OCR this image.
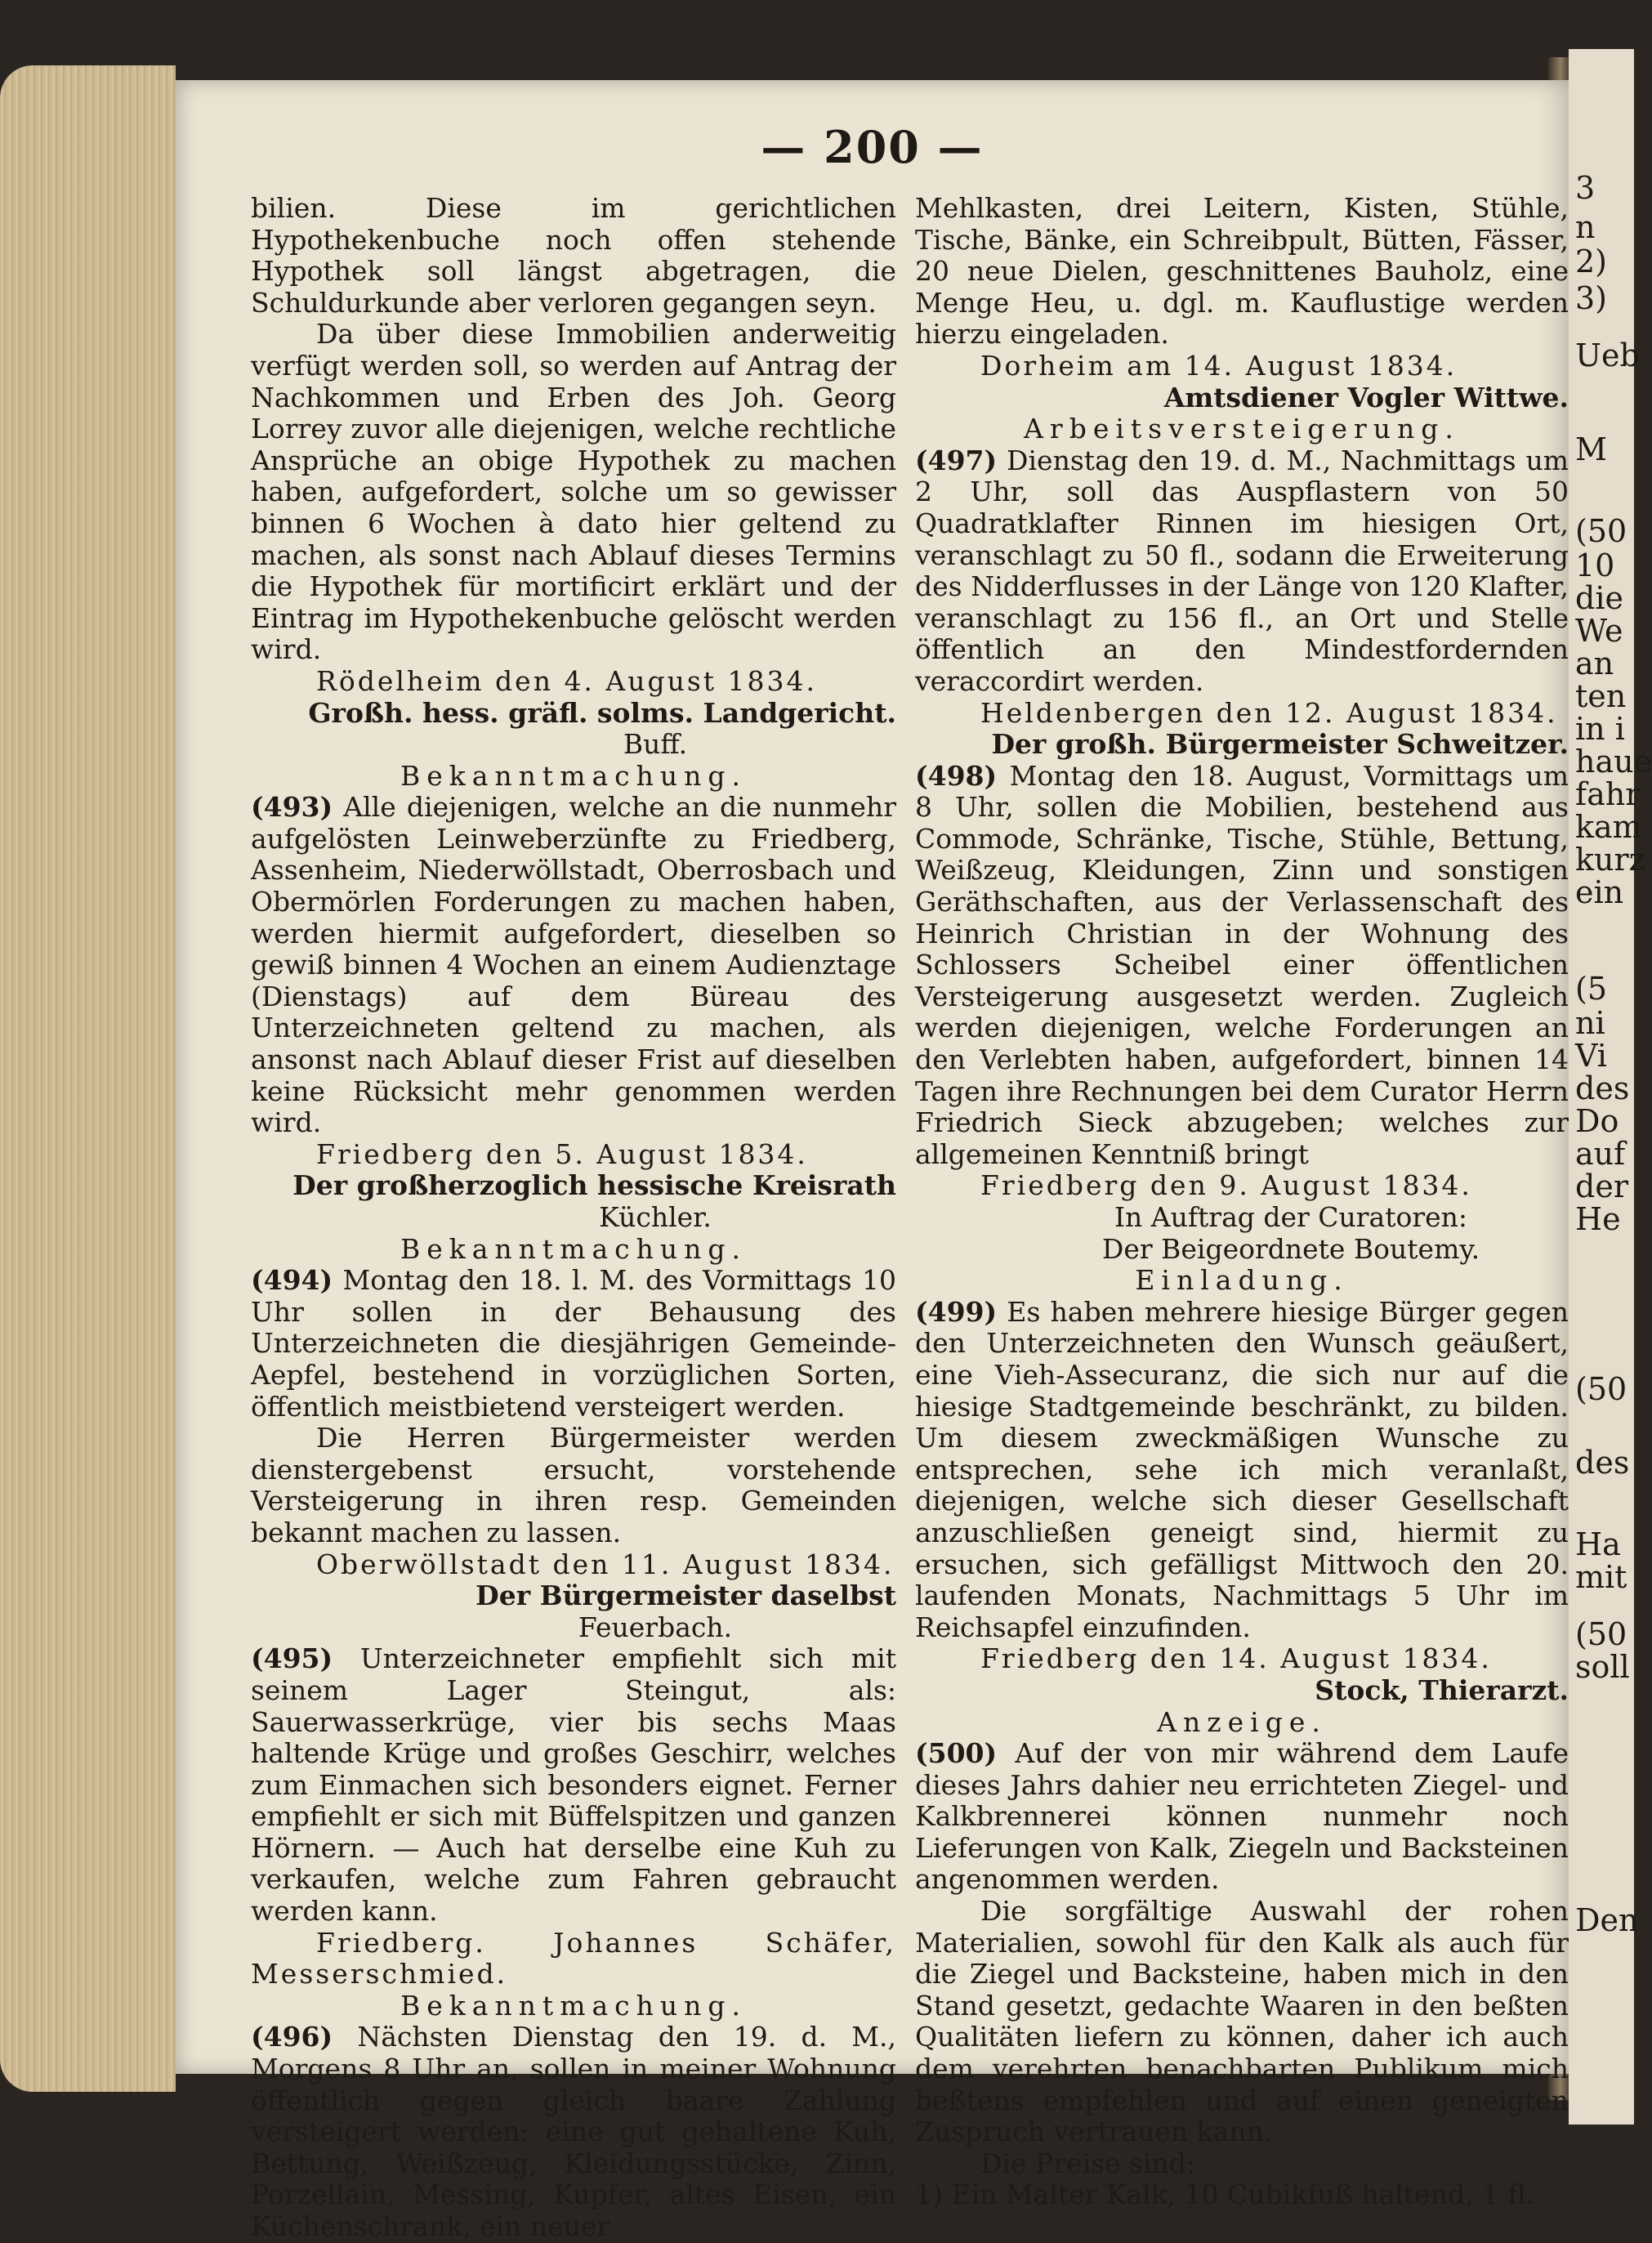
3
n
2)
3)
Ueb
M
(50
10
die
We
an
ten
in i
haue
fahr
kam
kurz
ein
(5
ni
Vi
des
Do
auf
der
He
(50
des
Ha
mit
(50
soll
Den
— 200 —

bilien. Diese im gerichtlichen Hypothekenbuche noch offen stehende Hypothek soll längst abgetragen, die Schuldurkunde aber verloren gegangen seyn.

Da über diese Immobilien anderweitig verfügt werden soll, so werden auf Antrag der Nachkommen und Erben des Joh. Georg Lorrey zuvor alle diejenigen, welche rechtliche Ansprüche an obige Hypothek zu machen haben, aufgefordert, solche um so gewisser binnen 6 Wochen à dato hier geltend zu machen, als sonst nach Ablauf dieses Termins die Hypothek für mortificirt erklärt und der Eintrag im Hypothekenbuche gelöscht werden wird.

Rödelheim den 4. August 1834.

Großh. hess. gräfl. solms. Landgericht.

Buff.

Bekanntmachung.

(493) Alle diejenigen, welche an die nunmehr aufgelösten Leinweberzünfte zu Friedberg, Assenheim, Niederwöllstadt, Oberrosbach und Obermörlen Forderungen zu machen haben, werden hiermit aufgefordert, dieselben so gewiß binnen 4 Wochen an einem Audienztage (Dienstags) auf dem Büreau des Unterzeichneten geltend zu machen, als ansonst nach Ablauf dieser Frist auf dieselben keine Rücksicht mehr genommen werden wird.

Friedberg den 5. August 1834.

Der großherzoglich hessische Kreisrath

Küchler.

Bekanntmachung.

(494) Montag den 18. l. M. des Vormittags 10 Uhr sollen in der Behausung des Unterzeichneten die diesjährigen Gemeinde-Aepfel, bestehend in vorzüglichen Sorten, öffentlich meistbietend versteigert werden.

Die Herren Bürgermeister werden dienstergebenst ersucht, vorstehende Versteigerung in ihren resp. Gemeinden bekannt machen zu lassen.

Oberwöllstadt den 11. August 1834.

Der Bürgermeister daselbst

Feuerbach.

(495) Unterzeichneter empfiehlt sich mit seinem Lager Steingut, als: Sauerwasserkrüge, vier bis sechs Maas haltende Krüge und großes Geschirr, welches zum Einmachen sich besonders eignet. Ferner empfiehlt er sich mit Büffelspitzen und ganzen Hörnern. — Auch hat derselbe eine Kuh zu verkaufen, welche zum Fahren gebraucht werden kann.

Friedberg. Johannes Schäfer, Messerschmied.

Bekanntmachung.

(496) Nächsten Dienstag den 19. d. M., Morgens 8 Uhr an, sollen in meiner Wohnung öffentlich gegen gleich baare Zahlung versteigert werden: eine gut gehaltene Kuh, Bettung, Weißzeug, Kleidungsstücke, Zinn, Porzellain, Messing, Kupfer, altes Eisen, ein Küchenschrank, ein neuer

Mehlkasten, drei Leitern, Kisten, Stühle, Tische, Bänke, ein Schreibpult, Bütten, Fässer, 20 neue Dielen, geschnittenes Bauholz, eine Menge Heu, u. dgl. m. Kauflustige werden hierzu eingeladen.

Dorheim am 14. August 1834.

Amtsdiener Vogler Wittwe.

Arbeitsversteigerung.

(497) Dienstag den 19. d. M., Nachmittags um 2 Uhr, soll das Auspflastern von 50 Quadratklafter Rinnen im hiesigen Ort, veranschlagt zu 50 fl., sodann die Erweiterung des Nidderflusses in der Länge von 120 Klafter, veranschlagt zu 156 fl., an Ort und Stelle öffentlich an den Mindestfordernden veraccordirt werden.

Heldenbergen den 12. August 1834.

Der großh. Bürgermeister Schweitzer.

(498) Montag den 18. August, Vormittags um 8 Uhr, sollen die Mobilien, bestehend aus Commode, Schränke, Tische, Stühle, Bettung, Weißzeug, Kleidungen, Zinn und sonstigen Geräthschaften, aus der Verlassenschaft des Heinrich Christian in der Wohnung des Schlossers Scheibel einer öffentlichen Versteigerung ausgesetzt werden. Zugleich werden diejenigen, welche Forderungen an den Verlebten haben, aufgefordert, binnen 14 Tagen ihre Rechnungen bei dem Curator Herrn Friedrich Sieck abzugeben; welches zur allgemeinen Kenntniß bringt

Friedberg den 9. August 1834.

In Auftrag der Curatoren:

Der Beigeordnete Boutemy.

Einladung.

(499) Es haben mehrere hiesige Bürger gegen den Unterzeichneten den Wunsch geäußert, eine Vieh-Assecuranz, die sich nur auf die hiesige Stadtgemeinde beschränkt, zu bilden. Um diesem zweckmäßigen Wunsche zu entsprechen, sehe ich mich veranlaßt, diejenigen, welche sich dieser Gesellschaft anzuschließen geneigt sind, hiermit zu ersuchen, sich gefälligst Mittwoch den 20. laufenden Monats, Nachmittags 5 Uhr im Reichsapfel einzufinden.

Friedberg den 14. August 1834.

Stock, Thierarzt.

Anzeige.

(500) Auf der von mir während dem Laufe dieses Jahrs dahier neu errichteten Ziegel- und Kalkbrennerei können nunmehr noch Lieferungen von Kalk, Ziegeln und Backsteinen angenommen werden.

Die sorgfältige Auswahl der rohen Materialien, sowohl für den Kalk als auch für die Ziegel und Backsteine, haben mich in den Stand gesetzt, gedachte Waaren in den beßten Qualitäten liefern zu können, daher ich auch dem verehrten benachbarten Publikum mich beßtens empfehlen und auf einen geneigten Zuspruch vertrauen kann.

Die Preise sind:

1) Ein Malter Kalk, 10 Cubikfuß haltend, 1 fl.
